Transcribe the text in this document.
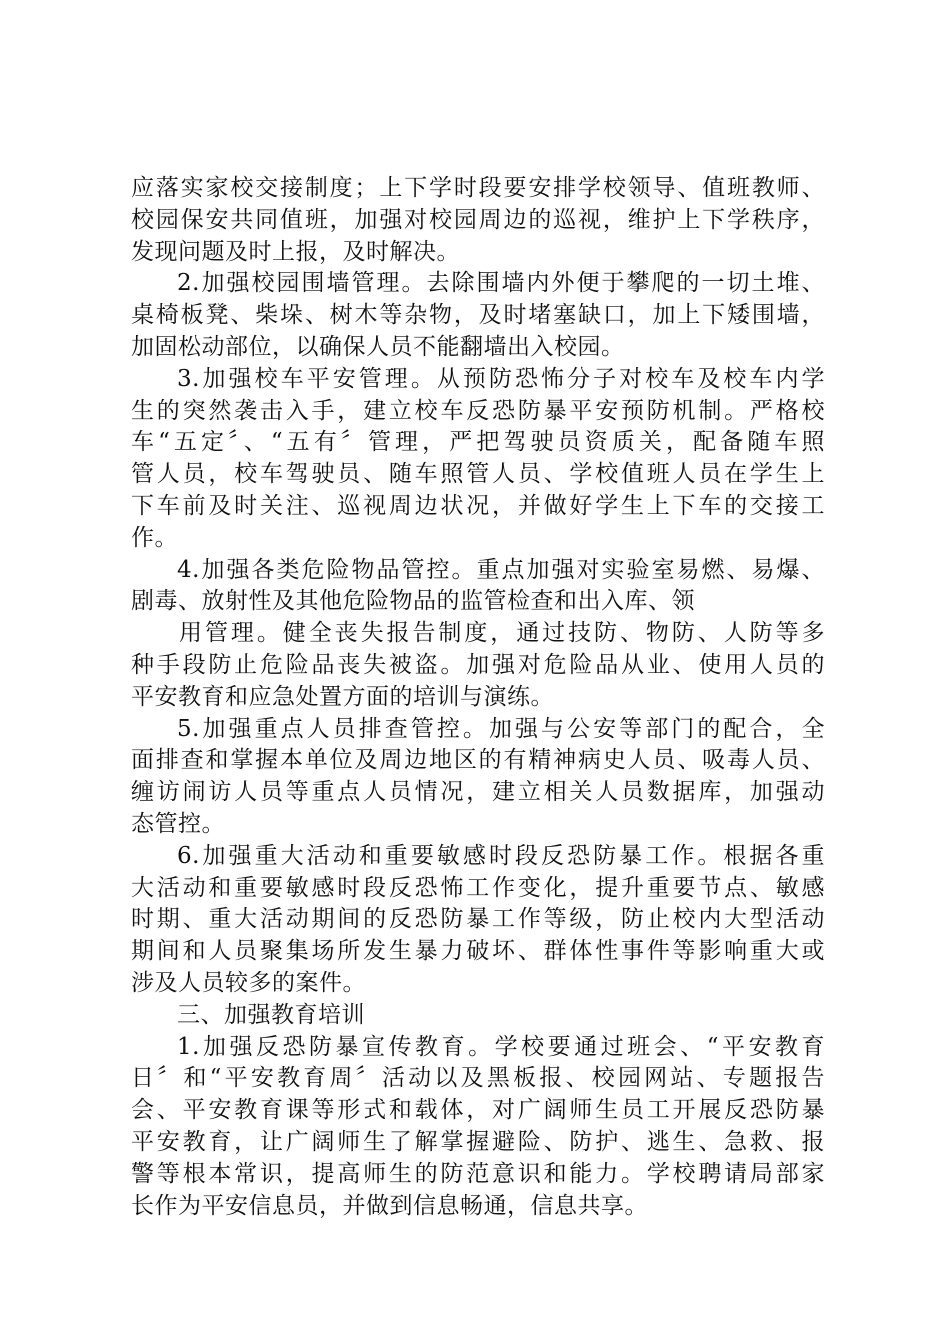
应落实家校交接制度；上下学时段要安排学校领导、值班教师、
校园保安共同值班，加强对校园周边的巡视，维护上下学秩序，
发现问题及时上报，及时解决。
2.加强校园围墙管理。去除围墙内外便于攀爬的一切土堆、
桌椅板凳、柴垛、树木等杂物，及时堵塞缺口，加上下矮围墙，
加固松动部位，以确保人员不能翻墙出入校园。
3.加强校车平安管理。从预防恐怖分子对校车及校车内学
生的突然袭击入手，建立校车反恐防暴平安预防机制。严格校
车“五定〞、“五有〞管理，严把驾驶员资质关，配备随车照
管人员，校车驾驶员、随车照管人员、学校值班人员在学生上
下车前及时关注、巡视周边状况，并做好学生上下车的交接工
作。
4.加强各类危险物品管控。重点加强对实验室易燃、易爆、
剧毒、放射性及其他危险物品的监管检查和出入库、领
用管理。健全丧失报告制度，通过技防、物防、人防等多
种手段防止危险品丧失被盗。加强对危险品从业、使用人员的
平安教育和应急处置方面的培训与演练。
5.加强重点人员排查管控。加强与公安等部门的配合，全
面排查和掌握本单位及周边地区的有精神病史人员、吸毒人员、
缠访闹访人员等重点人员情况，建立相关人员数据库，加强动
态管控。
6.加强重大活动和重要敏感时段反恐防暴工作。根据各重
大活动和重要敏感时段反恐怖工作变化，提升重要节点、敏感
时期、重大活动期间的反恐防暴工作等级，防止校内大型活动
期间和人员聚集场所发生暴力破坏、群体性事件等影响重大或
涉及人员较多的案件。
三、加强教育培训
1.加强反恐防暴宣传教育。学校要通过班会、“平安教育
日〞和“平安教育周〞活动以及黑板报、校园网站、专题报告
会、平安教育课等形式和载体，对广阔师生员工开展反恐防暴
平安教育，让广阔师生了解掌握避险、防护、逃生、急救、报
警等根本常识，提高师生的防范意识和能力。学校聘请局部家
长作为平安信息员，并做到信息畅通，信息共享。
